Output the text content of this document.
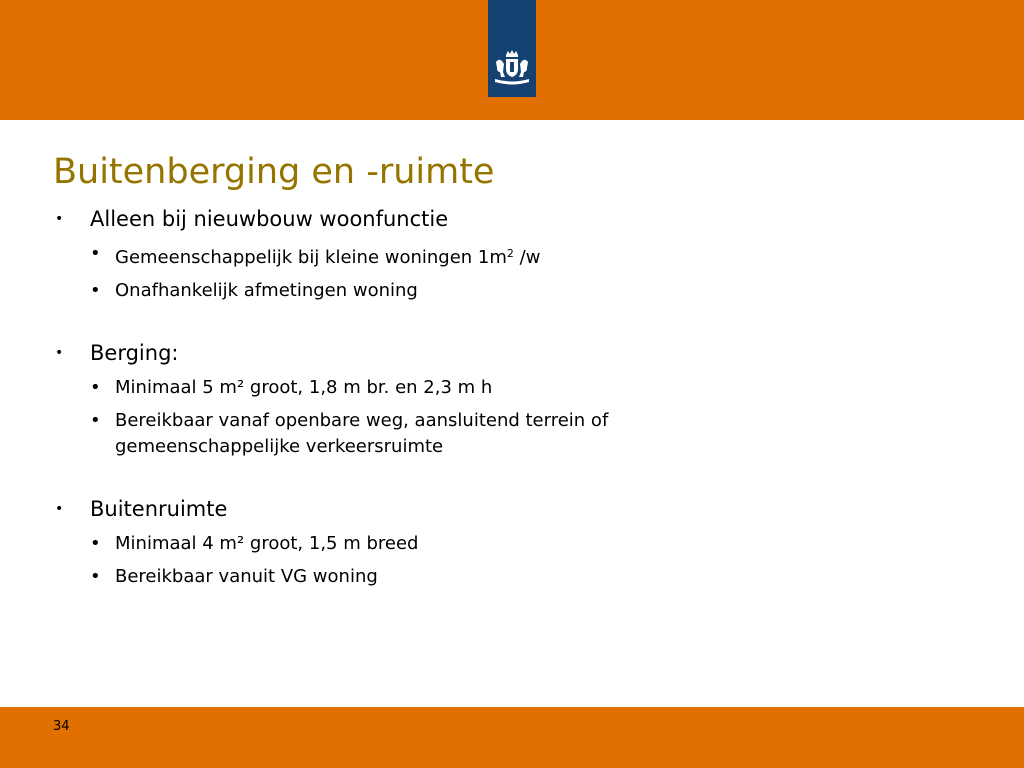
Buitenberging en -ruimte
• Alleen bij nieuwbouw woonfunctie
• Gemeenschappelijk bij kleine woningen $1m^2$ /w
• Onafhankelijk afmetingen woning
• Berging:
• Minimaal 5 m² groot, 1,8 m br. en 2,3 m h
• Bereikbaar vanaf openbare weg, aansluitend terrein of gemeenschappelijke verkeersruimte
• Buitenruimte
• Minimaal 4 m² groot, 1,5 m breed
• Bereikbaar vanuit VG woning
34
